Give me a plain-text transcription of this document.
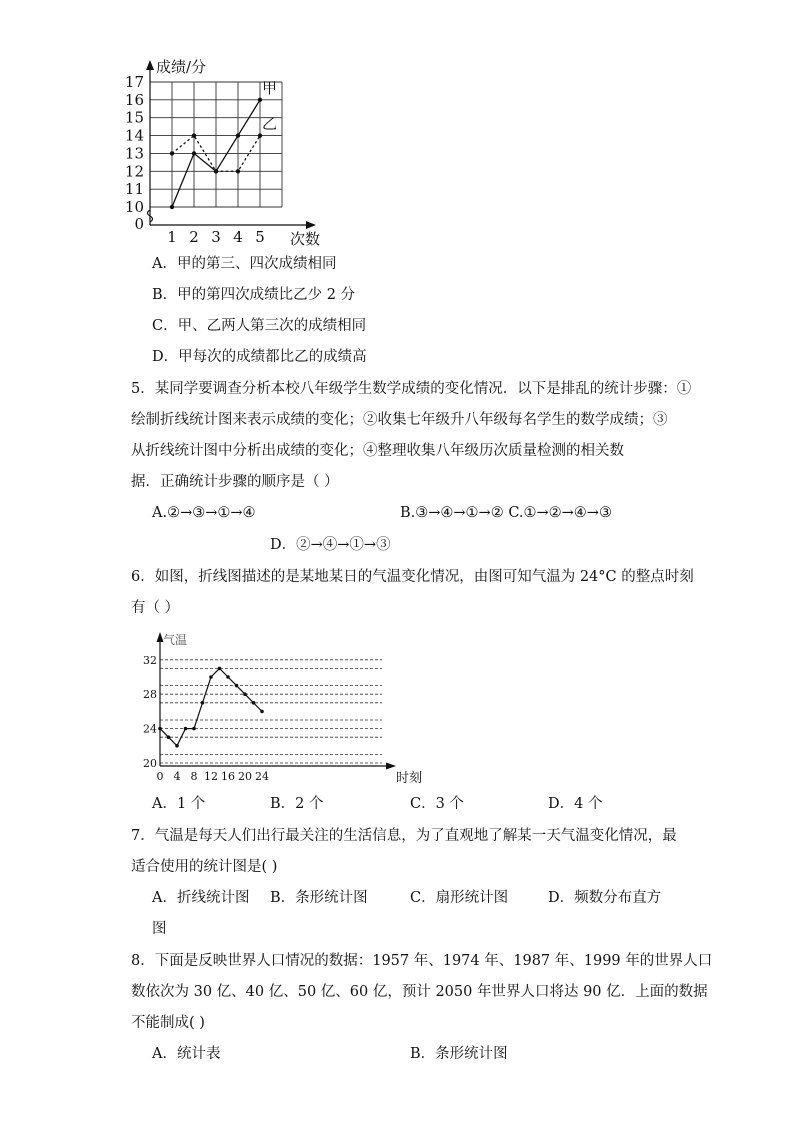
0
10
11
12
13
14
15
16
17
1 2 3 4 5
成绩/分
次数
甲
乙
A．甲的第三、四次成绩相同
B．甲的第四次成绩比乙少 2 分
C．甲、乙两人第三次的成绩相同
D．甲每次的成绩都比乙的成绩高
5．某同学要调查分析本校八年级学生数学成绩的变化情况．以下是排乱的统计步骤：①
绘制折线统计图来表示成绩的变化；②收集七年级升八年级每名学生的数学成绩；③
从折线统计图中分析出成绩的变化；④整理收集八年级历次质量检测的相关数
据．正确统计步骤的顺序是（ ）
A.②→③→①→④	B.③→④→①→② C.①→②→④→③
D．②→④→①→③
6．如图，折线图描述的是某地某日的气温变化情况，由图可知气温为 24°C 的整点时刻
有（ ）
20
24
28
32
0 4 8 12 16 20 24
气温
时刻
A．1 个	B．2 个	C．3 个	D．4 个
7．气温是每天人们出行最关注的生活信息，为了直观地了解某一天气温变化情况，最
适合使用的统计图是( )
A．折线统计图 B．条形统计图	C．扇形统计图	D．频数分布直方
图
8．下面是反映世界人口情况的数据：1957 年、1974 年、1987 年、1999 年的世界人口
数依次为 30 亿、40 亿、50 亿、60 亿，预计 2050 年世界人口将达 90 亿．上面的数据
不能制成( )
A．统计表	B．条形统计图
